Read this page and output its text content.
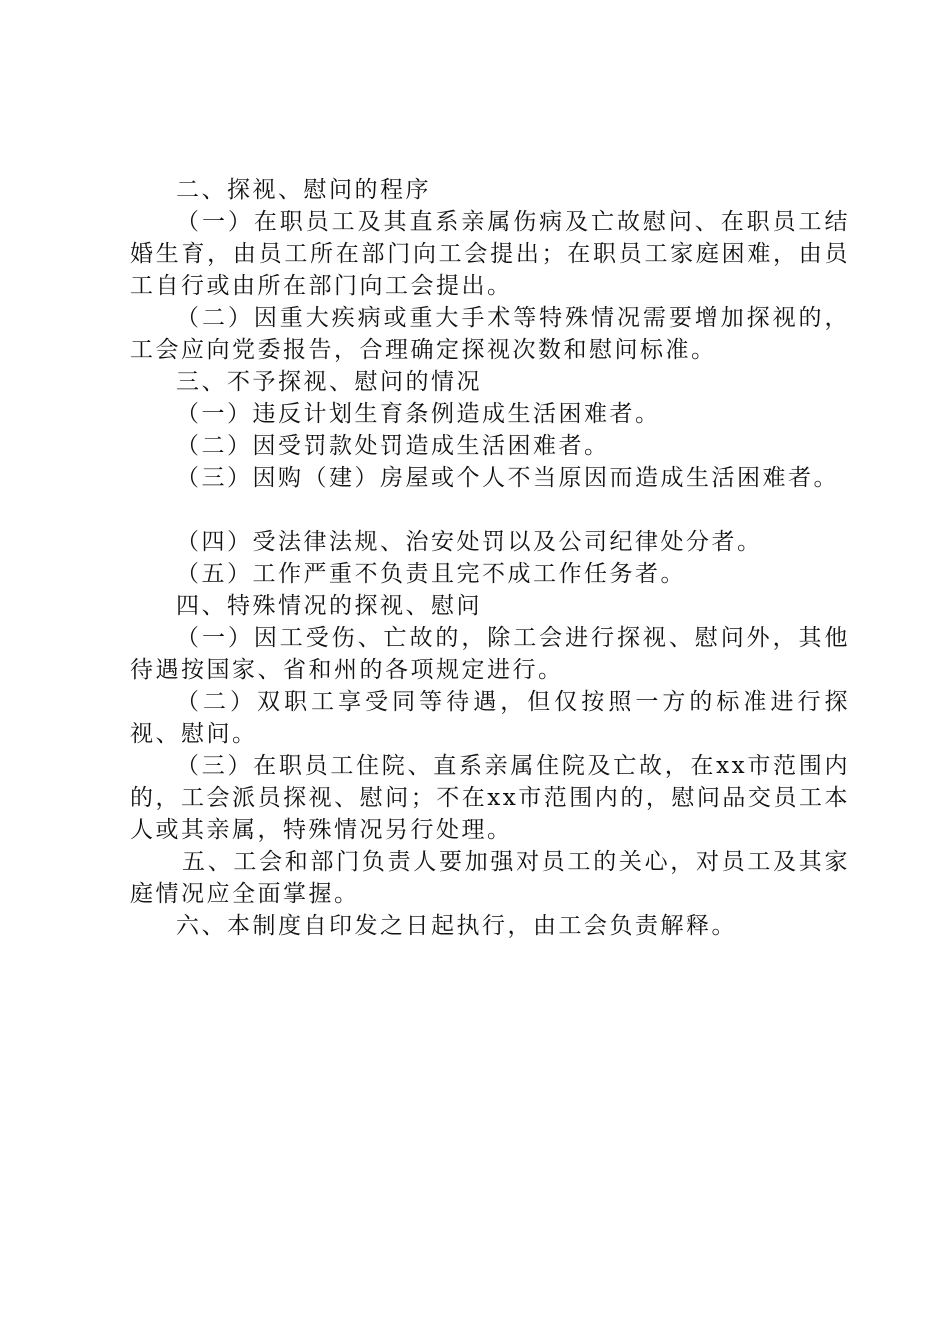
二、探视、慰问的程序

（一）在职员工及其直系亲属伤病及亡故慰问、在职员工结婚生育，由员工所在部门向工会提出；在职员工家庭困难，由员工自行或由所在部门向工会提出。

（二）因重大疾病或重大手术等特殊情况需要增加探视的，工会应向党委报告，合理确定探视次数和慰问标准。

三、不予探视、慰问的情况

（一）违反计划生育条例造成生活困难者。

（二）因受罚款处罚造成生活困难者。

（三）因购（建）房屋或个人不当原因而造成生活困难者。

（四）受法律法规、治安处罚以及公司纪律处分者。

（五）工作严重不负责且完不成工作任务者。

四、特殊情况的探视、慰问

（一）因工受伤、亡故的，除工会进行探视、慰问外，其他待遇按国家、省和州的各项规定进行。

（二）双职工享受同等待遇，但仅按照一方的标准进行探视、慰问。

（三）在职员工住院、直系亲属住院及亡故，在xx市范围内的，工会派员探视、慰问；不在xx市范围内的，慰问品交员工本人或其亲属，特殊情况另行处理。

五、工会和部门负责人要加强对员工的关心，对员工及其家庭情况应全面掌握。

六、本制度自印发之日起执行，由工会负责解释。
